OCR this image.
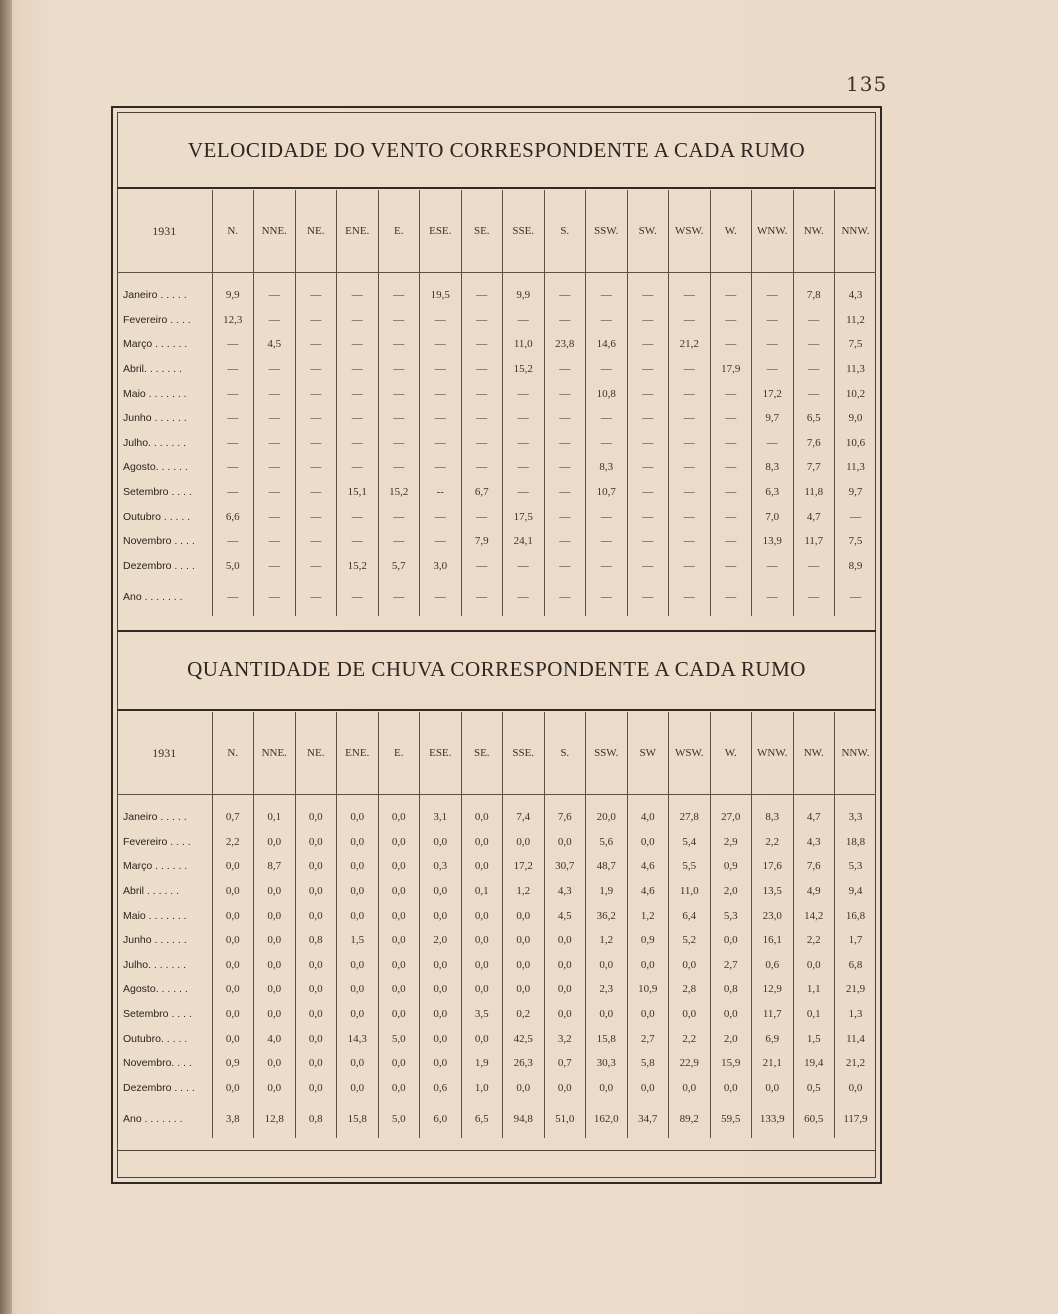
135
VELOCIDADE DO VENTO CORRESPONDENTE A CADA RUMO
1931	N.	NNE.	NE.	ENE.	E.	ESE.	SE.	SSE.	S.	SSW.	SW.	WSW.	W.	WNW.	NW.	NNW.

Janeiro . . . . .	9,9	—	—	—	—	19,5	—	9,9	—	—	—	—	—	—	7,8	4,3
Fevereiro . . . .	12,3	—	—	—	—	—	—	—	—	—	—	—	—	—	—	11,2
Março . . . . . .	—	4,5	—	—	—	—	—	11,0	23,8	14,6	—	21,2	—	—	—	7,5
Abril. . . . . . .	—	—	—	—	—	—	—	15,2	—	—	—	—	17,9	—	—	11,3
Maio . . . . . . .	—	—	—	—	—	—	—	—	—	10,8	—	—	—	17,2	—	10,2
Junho . . . . . .	—	—	—	—	—	—	—	—	—	—	—	—	—	9,7	6,5	9,0
Julho. . . . . . .	—	—	—	—	—	—	—	—	—	—	—	—	—	—	7,6	10,6
Agosto. . . . . .	—	—	—	—	—	—	—	—	—	8,3	—	—	—	8,3	7,7	11,3
Setembro . . . .	—	—	—	15,1	15,2	--	6,7	—	—	10,7	—	—	—	6,3	11,8	9,7
Outubro . . . . .	6,6	—	—	—	—	—	—	17,5	—	—	—	—	—	7,0	4,7	—
Novembro . . . .	—	—	—	—	—	—	7,9	24,1	—	—	—	—	—	13,9	11,7	7,5
Dezembro . . . .	5,0	—	—	15,2	5,7	3,0	—	—	—	—	—	—	—	—	—	8,9
Ano . . . . . . .	—	—	—	—	—	—	—	—	—	—	—	—	—	—	—	—
QUANTIDADE DE CHUVA CORRESPONDENTE A CADA RUMO
1931	N.	NNE.	NE.	ENE.	E.	ESE.	SE.	SSE.	S.	SSW.	SW	WSW.	W.	WNW.	NW.	NNW.

Janeiro . . . . .	0,7	0,1	0,0	0,0	0,0	3,1	0,0	7,4	7,6	20,0	4,0	27,8	27,0	8,3	4,7	3,3
Fevereiro . . . .	2,2	0,0	0,0	0,0	0,0	0,0	0,0	0,0	0,0	5,6	0,0	5,4	2,9	2,2	4,3	18,8
Março . . . . . .	0,0	8,7	0,0	0,0	0,0	0,3	0,0	17,2	30,7	48,7	4,6	5,5	0,9	17,6	7,6	5,3
Abril . . . . . .	0,0	0,0	0,0	0,0	0,0	0,0	0,1	1,2	4,3	1,9	4,6	11,0	2,0	13,5	4,9	9,4
Maio . . . . . . .	0,0	0,0	0,0	0,0	0,0	0,0	0,0	0,0	4,5	36,2	1,2	6,4	5,3	23,0	14,2	16,8
Junho . . . . . .	0,0	0,0	0,8	1,5	0,0	2,0	0,0	0,0	0,0	1,2	0,9	5,2	0,0	16,1	2,2	1,7
Julho. . . . . . .	0,0	0,0	0,0	0,0	0,0	0,0	0,0	0,0	0,0	0,0	0,0	0,0	2,7	0,6	0,0	6,8
Agosto. . . . . .	0,0	0,0	0,0	0,0	0,0	0,0	0,0	0,0	0,0	2,3	10,9	2,8	0,8	12,9	1,1	21,9
Setembro . . . .	0,0	0,0	0,0	0,0	0,0	0,0	3,5	0,2	0,0	0,0	0,0	0,0	0,0	11,7	0,1	1,3
Outubro. . . . .	0,0	4,0	0,0	14,3	5,0	0,0	0,0	42,5	3,2	15,8	2,7	2,2	2,0	6,9	1,5	11,4
Novembro. . . .	0,9	0,0	0,0	0,0	0,0	0,0	1,9	26,3	0,7	30,3	5,8	22,9	15,9	21,1	19,4	21,2
Dezembro . . . .	0,0	0,0	0,0	0,0	0,0	0,6	1,0	0,0	0,0	0,0	0,0	0,0	0,0	0,0	0,5	0,0
Ano . . . . . . .	3,8	12,8	0,8	15,8	5,0	6,0	6,5	94,8	51,0	162,0	34,7	89,2	59,5	133,9	60,5	117,9
